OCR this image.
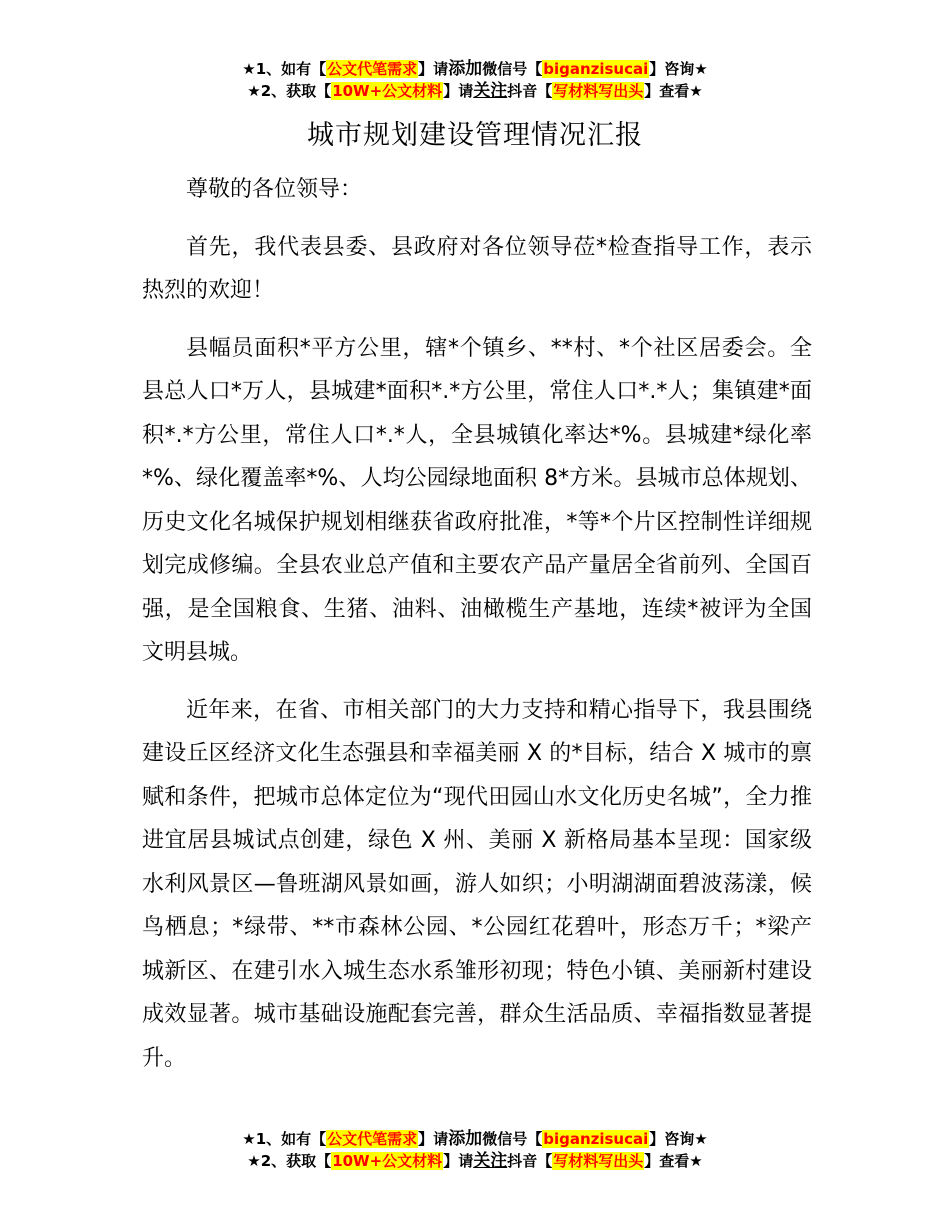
★1、如有【公文代笔需求】请添加微信号【biganzisucai】咨询★
★2、获取【10W+公文材料】请关注抖音【写材料写出头】查看★
城市规划建设管理情况汇报

尊敬的各位领导：

首先，我代表县委、县政府对各位领导莅*检查指导工作，表示热烈的欢迎！

县幅员面积*平方公里，辖*个镇乡、**村、*个社区居委会。全县总人口*万人，县城建*面积*.*方公里，常住人口*.*人；集镇建*面积*.*方公里，常住人口*.*人，全县城镇化率达*%。县城建*绿化率*%、绿化覆盖率*%、人均公园绿地面积 8*方米。县城市总体规划、历史文化名城保护规划相继获省政府批准，*等*个片区控制性详细规划完成修编。全县农业总产值和主要农产品产量居全省前列、全国百强，是全国粮食、生猪、油料、油橄榄生产基地，连续*被评为全国文明县城。

近年来，在省、市相关部门的大力支持和精心指导下，我县围绕建设丘区经济文化生态强县和幸福美丽 X 的*目标，结合 X 城市的禀赋和条件，把城市总体定位为“现代田园山水文化历史名城”，全力推进宜居县城试点创建，绿色 X 州、美丽 X 新格局基本呈现：国家级水利风景区—鲁班湖风景如画，游人如织；小明湖湖面碧波荡漾，候鸟栖息；*绿带、**市森林公园、*公园红花碧叶，形态万千；*梁产城新区、在建引水入城生态水系雏形初现；特色小镇、美丽新村建设成效显著。城市基础设施配套完善，群众生活品质、幸福指数显著提升。

★1、如有【公文代笔需求】请添加微信号【biganzisucai】咨询★
★2、获取【10W+公文材料】请关注抖音【写材料写出头】查看★
